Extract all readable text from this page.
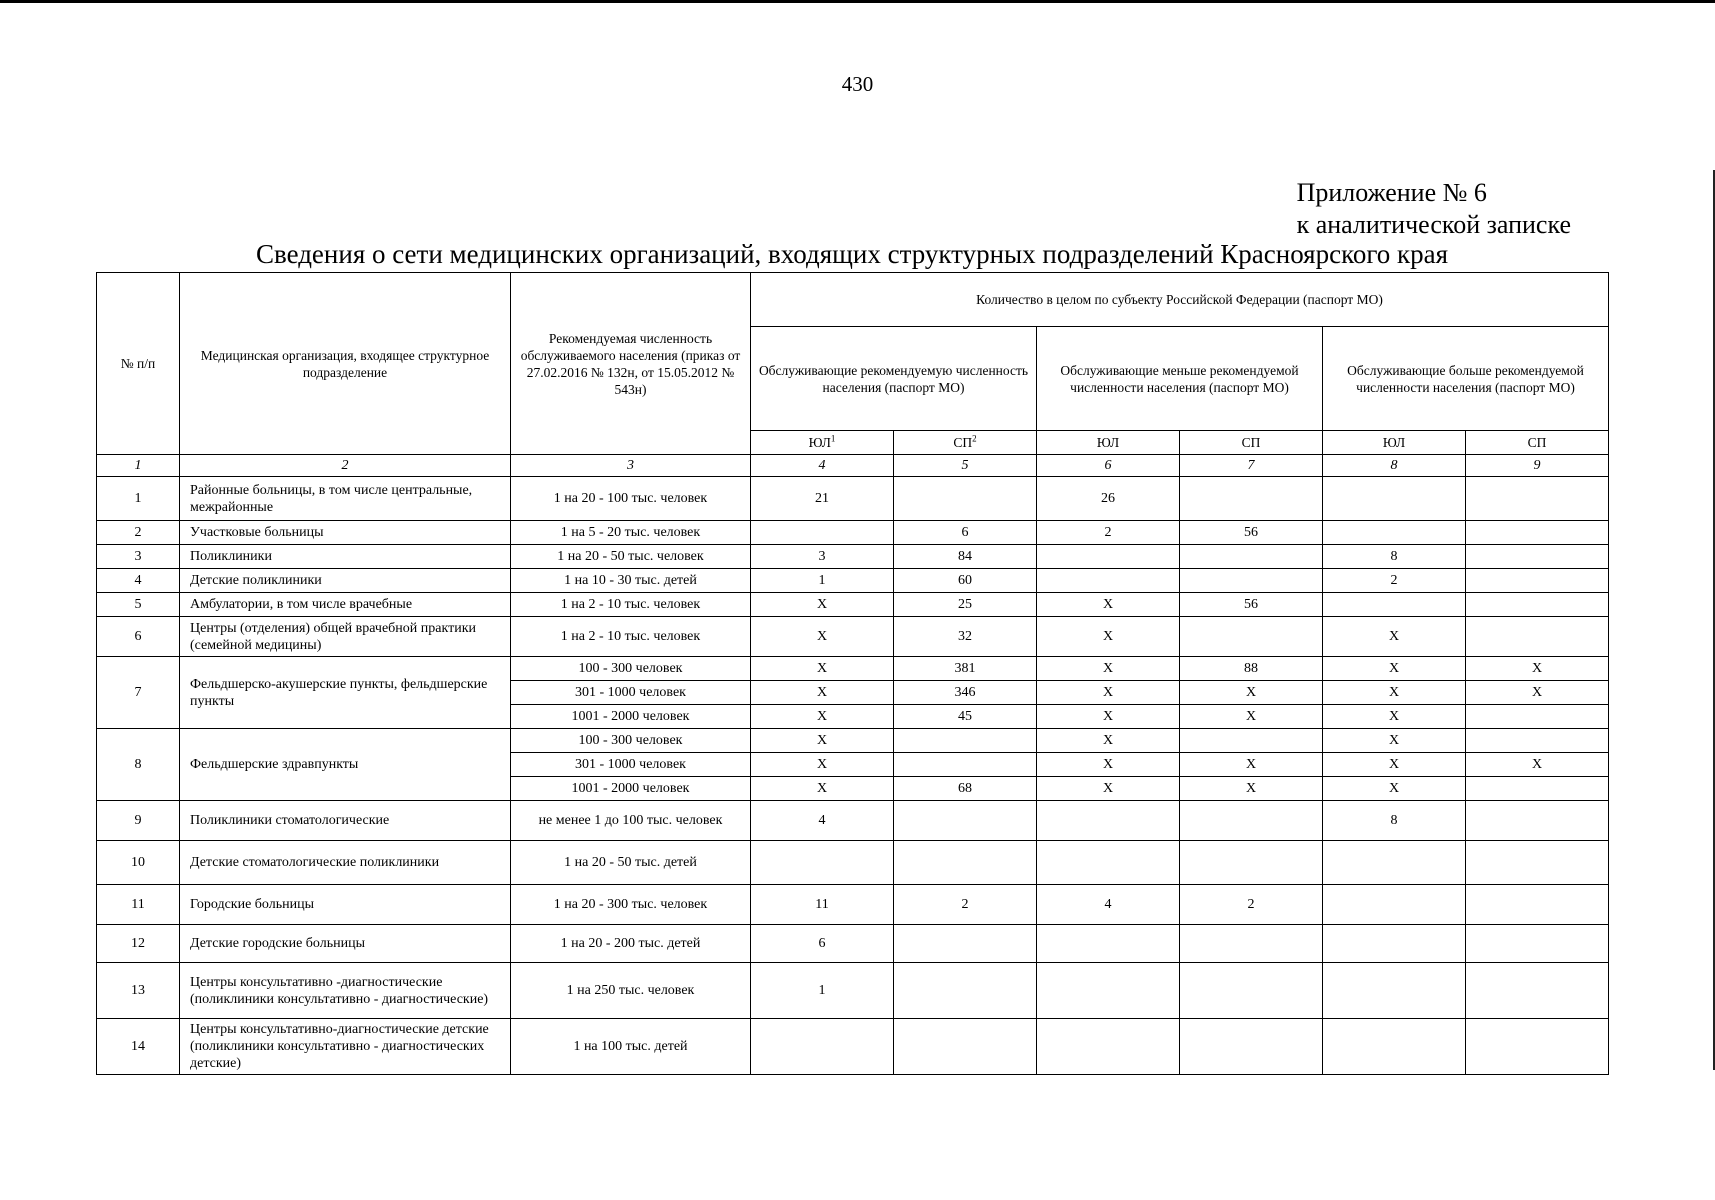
430
Приложение № 6
к аналитической записке
Сведения о сети медицинских организаций, входящих структурных подразделений Красноярского края
№ п/п	Медицинская организация, входящее структурное подразделение	Рекомендуемая численность обслуживаемого населения (приказ от 27.02.2016 № 132н, от 15.05.2012 № 543н)	Количество в целом по субъекту Российской Федерации (паспорт МО)					
			Обслуживающие рекомендуемую численность населения (паспорт МО)		Обслуживающие меньше рекомендуемой численности населения (паспорт МО)		Обслуживающие больше рекомендуемой численности населения (паспорт МО)	
			$ЮЛ^1$	$СП^2$	ЮЛ	СП	ЮЛ	СП
1	2	3	4	5	6	7	8	9
1	Районные больницы, в том числе центральные, межрайонные	1 на 20 - 100 тыс. человек	21		26			
2	Участковые больницы	1 на 5 - 20 тыс. человек		6	2	56		
3	Поликлиники	1 на 20 - 50 тыс. человек	3	84			8	
4	Детские поликлиники	1 на 10 - 30 тыс. детей	1	60			2	
5	Амбулатории, в том числе врачебные	1 на 2 - 10 тыс. человек	Х	25	Х	56		
6	Центры (отделения) общей врачебной практики (семейной медицины)	1 на 2 - 10 тыс. человек	Х	32	Х		Х	
7	Фельдшерско-акушерские пункты, фельдшерские пункты	100 - 300 человек	Х	381	Х	88	Х	Х
		301 - 1000 человек	Х	346	Х	Х	Х	Х
		1001 - 2000 человек	Х	45	Х	Х	Х	
8	Фельдшерские здравпункты	100 - 300 человек	Х		Х		Х	
		301 - 1000 человек	Х		Х	Х	Х	Х
		1001 - 2000 человек	Х	68	Х	Х	Х	
9	Поликлиники стоматологические	не менее 1 до 100 тыс. человек	4				8	
10	Детские стоматологические поликлиники	1 на 20 - 50 тыс. детей						
11	Городские больницы	1 на 20 - 300 тыс. человек	11	2	4	2		
12	Детские городские больницы	1 на 20 - 200 тыс. детей	6					
13	Центры консультативно -диагностические (поликлиники консультативно - диагностические)	1 на 250 тыс. человек	1					
14	Центры консультативно-диагностические детские (поликлиники консультативно - диагностических детские)	1 на 100 тыс. детей						
